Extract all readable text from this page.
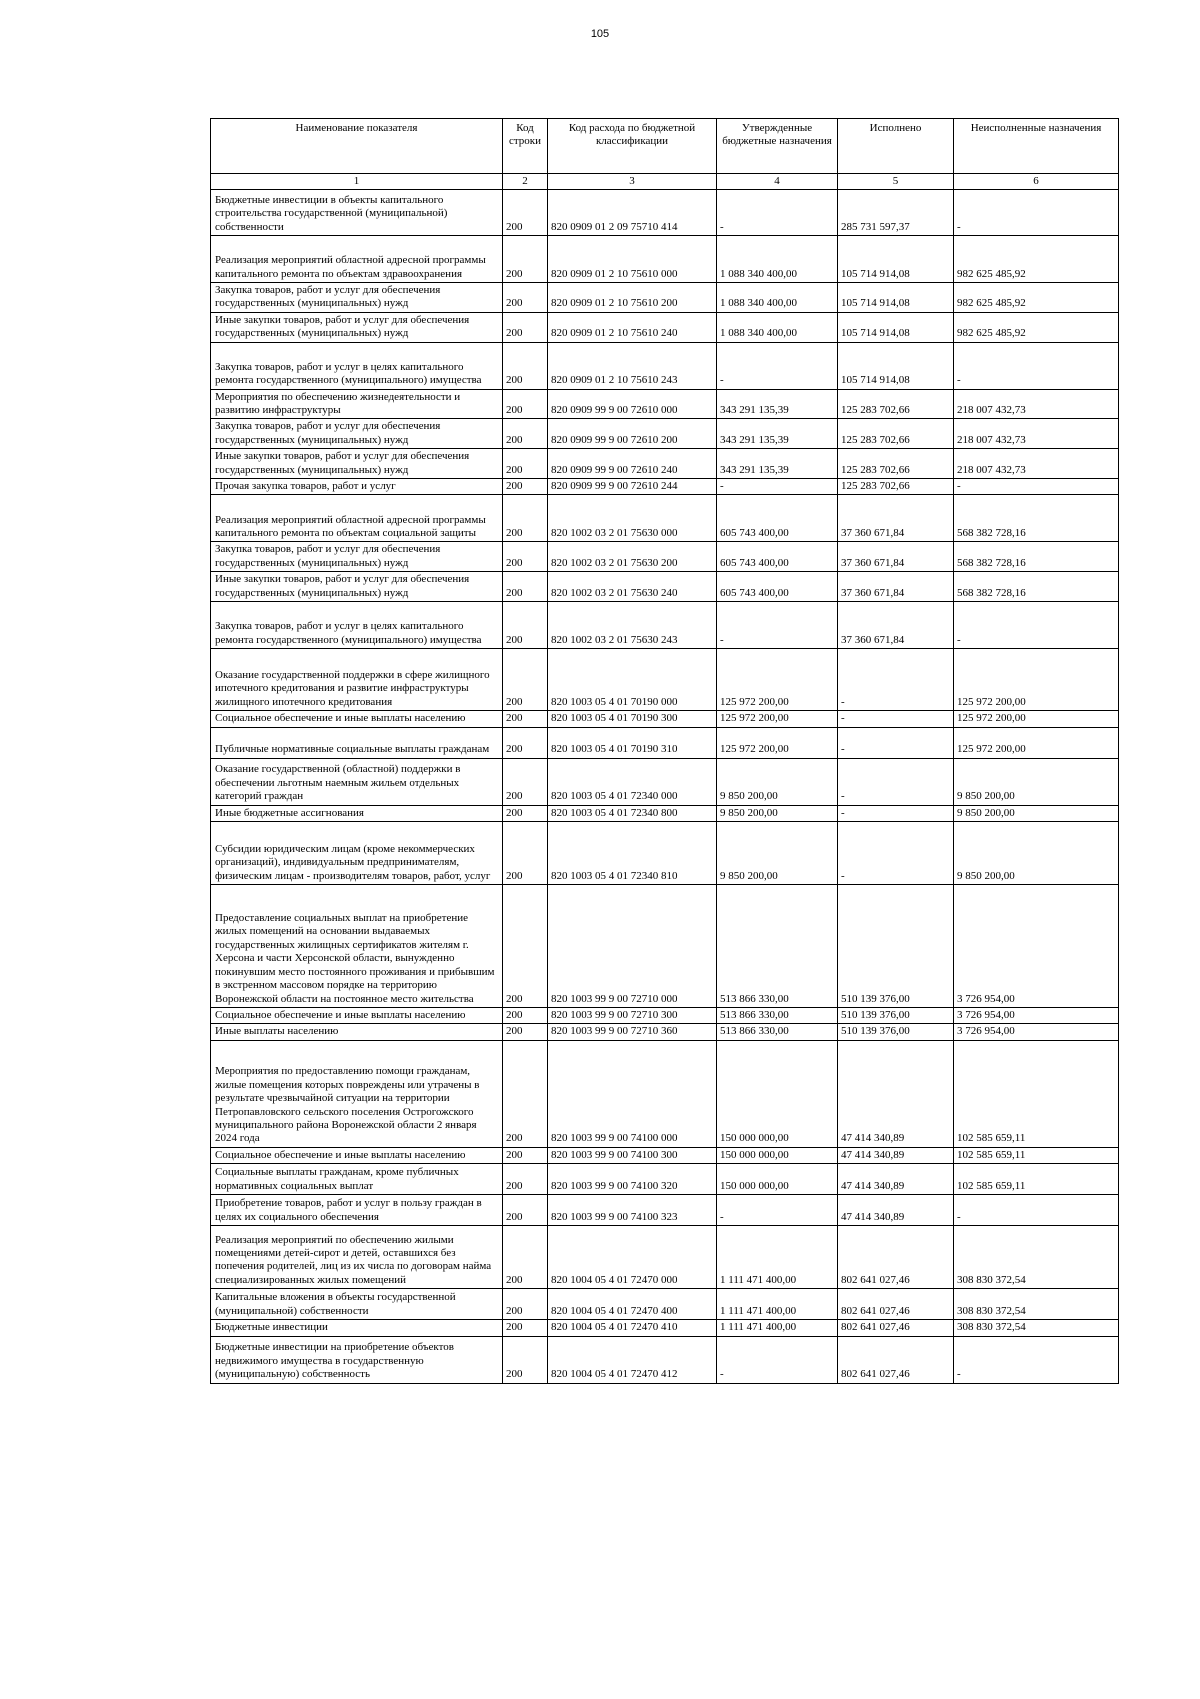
105
Наименование показателя	Код строки	Код расхода по бюджетной классификации	Утвержденные бюджетные назначения	Исполнено	Неисполненные назначения
1	2	3	4	5	6
Бюджетные инвестиции в объекты капитального строительства государственной (муниципальной) собственности	200	820 0909 01 2 09 75710 414	-	285 731 597,37	-
Реализация мероприятий областной адресной программы капитального ремонта по объектам здравоохранения	200	820 0909 01 2 10 75610 000	1 088 340 400,00	105 714 914,08	982 625 485,92
Закупка товаров, работ и услуг для обеспечения государственных (муниципальных) нужд	200	820 0909 01 2 10 75610 200	1 088 340 400,00	105 714 914,08	982 625 485,92
Иные закупки товаров, работ и услуг для обеспечения государственных (муниципальных) нужд	200	820 0909 01 2 10 75610 240	1 088 340 400,00	105 714 914,08	982 625 485,92
Закупка товаров, работ и услуг в целях капитального ремонта государственного (муниципального) имущества	200	820 0909 01 2 10 75610 243	-	105 714 914,08	-
Мероприятия по обеспечению жизнедеятельности и развитию инфраструктуры	200	820 0909 99 9 00 72610 000	343 291 135,39	125 283 702,66	218 007 432,73
Закупка товаров, работ и услуг для обеспечения государственных (муниципальных) нужд	200	820 0909 99 9 00 72610 200	343 291 135,39	125 283 702,66	218 007 432,73
Иные закупки товаров, работ и услуг для обеспечения государственных (муниципальных) нужд	200	820 0909 99 9 00 72610 240	343 291 135,39	125 283 702,66	218 007 432,73
Прочая закупка товаров, работ и услуг	200	820 0909 99 9 00 72610 244	-	125 283 702,66	-
Реализация мероприятий областной адресной программы капитального ремонта по объектам социальной защиты	200	820 1002 03 2 01 75630 000	605 743 400,00	37 360 671,84	568 382 728,16
Закупка товаров, работ и услуг для обеспечения государственных (муниципальных) нужд	200	820 1002 03 2 01 75630 200	605 743 400,00	37 360 671,84	568 382 728,16
Иные закупки товаров, работ и услуг для обеспечения государственных (муниципальных) нужд	200	820 1002 03 2 01 75630 240	605 743 400,00	37 360 671,84	568 382 728,16
Закупка товаров, работ и услуг в целях капитального ремонта государственного (муниципального) имущества	200	820 1002 03 2 01 75630 243	-	37 360 671,84	-
Оказание государственной поддержки в сфере жилищного ипотечного кредитования и развитие инфраструктуры жилищного ипотечного кредитования	200	820 1003 05 4 01 70190 000	125 972 200,00	-	125 972 200,00
Социальное обеспечение и иные выплаты населению	200	820 1003 05 4 01 70190 300	125 972 200,00	-	125 972 200,00
Публичные нормативные социальные выплаты гражданам	200	820 1003 05 4 01 70190 310	125 972 200,00	-	125 972 200,00
Оказание государственной (областной) поддержки в обеспечении льготным наемным жильем отдельных категорий граждан	200	820 1003 05 4 01 72340 000	9 850 200,00	-	9 850 200,00
Иные бюджетные ассигнования	200	820 1003 05 4 01 72340 800	9 850 200,00	-	9 850 200,00
Субсидии юридическим лицам (кроме некоммерческих организаций), индивидуальным предпринимателям, физическим лицам - производителям товаров, работ, услуг	200	820 1003 05 4 01 72340 810	9 850 200,00	-	9 850 200,00
Предоставление социальных выплат на приобретение жилых помещений на основании выдаваемых государственных жилищных сертификатов жителям г. Херсона и части Херсонской области, вынужденно покинувшим место постоянного проживания и прибывшим в экстренном массовом порядке на территорию Воронежской области на постоянное место жительства	200	820 1003 99 9 00 72710 000	513 866 330,00	510 139 376,00	3 726 954,00
Социальное обеспечение и иные выплаты населению	200	820 1003 99 9 00 72710 300	513 866 330,00	510 139 376,00	3 726 954,00
Иные выплаты населению	200	820 1003 99 9 00 72710 360	513 866 330,00	510 139 376,00	3 726 954,00
Мероприятия по предоставлению помощи гражданам, жилые помещения которых повреждены или утрачены в результате чрезвычайной ситуации на территории Петропавловского сельского поселения Острогожского муниципального района Воронежской области 2 января 2024 года	200	820 1003 99 9 00 74100 000	150 000 000,00	47 414 340,89	102 585 659,11
Социальное обеспечение и иные выплаты населению	200	820 1003 99 9 00 74100 300	150 000 000,00	47 414 340,89	102 585 659,11
Социальные выплаты гражданам, кроме публичных нормативных социальных выплат	200	820 1003 99 9 00 74100 320	150 000 000,00	47 414 340,89	102 585 659,11
Приобретение товаров, работ и услуг в пользу граждан в целях их социального обеспечения	200	820 1003 99 9 00 74100 323	-	47 414 340,89	-
Реализация мероприятий по обеспечению жилыми помещениями детей-сирот и детей, оставшихся без попечения родителей, лиц из их числа по договорам найма специализированных жилых помещений	200	820 1004 05 4 01 72470 000	1 111 471 400,00	802 641 027,46	308 830 372,54
Капитальные вложения в объекты государственной (муниципальной) собственности	200	820 1004 05 4 01 72470 400	1 111 471 400,00	802 641 027,46	308 830 372,54
Бюджетные инвестиции	200	820 1004 05 4 01 72470 410	1 111 471 400,00	802 641 027,46	308 830 372,54
Бюджетные инвестиции на приобретение объектов недвижимого имущества в государственную (муниципальную) собственность	200	820 1004 05 4 01 72470 412	-	802 641 027,46	-
